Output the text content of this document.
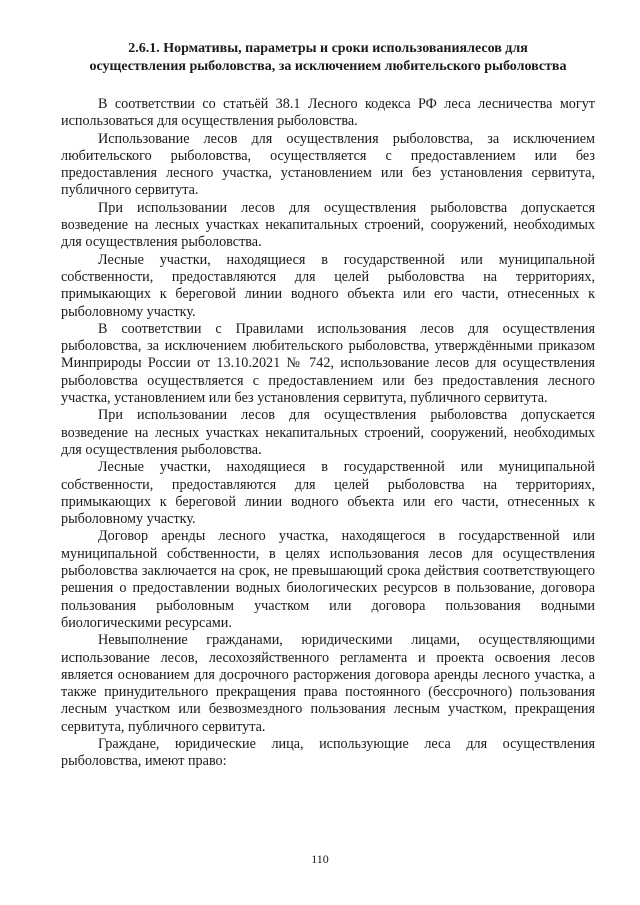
2.6.1. Нормативы, параметры и сроки использованиялесов для
осуществления рыболовства, за исключением любительского рыболовства

В соответствии со статьёй 38.1 Лесного кодекса РФ леса лесничества могут использоваться для осуществления рыболовства.

Использование лесов для осуществления рыболовства, за исключением любительского рыболовства, осуществляется с предоставлением или без предоставления лесного участка, установлением или без установления сервитута, публичного сервитута.

При использовании лесов для осуществления рыболовства допускается возведение на лесных участках некапитальных строений, сооружений, необходимых для осуществления рыболовства.

Лесные участки, находящиеся в государственной или муниципальной собственности, предоставляются для целей рыболовства на территориях, примыкающих к береговой линии водного объекта или его части, отнесенных к рыболовному участку.

В соответствии с Правилами использования лесов для осуществления рыболовства, за исключением любительского рыболовства, утверждёнными приказом Минприроды России от 13.10.2021 № 742, использование лесов для осуществления рыболовства осуществляется с предоставлением или без предоставления лесного участка, установлением или без установления сервитута, публичного сервитута.

При использовании лесов для осуществления рыболовства допускается возведение на лесных участках некапитальных строений, сооружений, необходимых для осуществления рыболовства.

Лесные участки, находящиеся в государственной или муниципальной собственности, предоставляются для целей рыболовства на территориях, примыкающих к береговой линии водного объекта или его части, отнесенных к рыболовному участку.

Договор аренды лесного участка, находящегося в государственной или муниципальной собственности, в целях использования лесов для осуществления рыболовства заключается на срок, не превышающий срока действия соответствующего решения о предоставлении водных биологических ресурсов в пользование, договора пользования рыболовным участком или договора пользования водными биологическими ресурсами.

Невыполнение гражданами, юридическими лицами, осуществляющими использование лесов, лесохозяйственного регламента и проекта освоения лесов является основанием для досрочного расторжения договора аренды лесного участка, а также принудительного прекращения права постоянного (бессрочного) пользования лесным участком или безвозмездного пользования лесным участком, прекращения сервитута, публичного сервитута.

Граждане, юридические лица, использующие леса для осуществления рыболовства, имеют право:

110
